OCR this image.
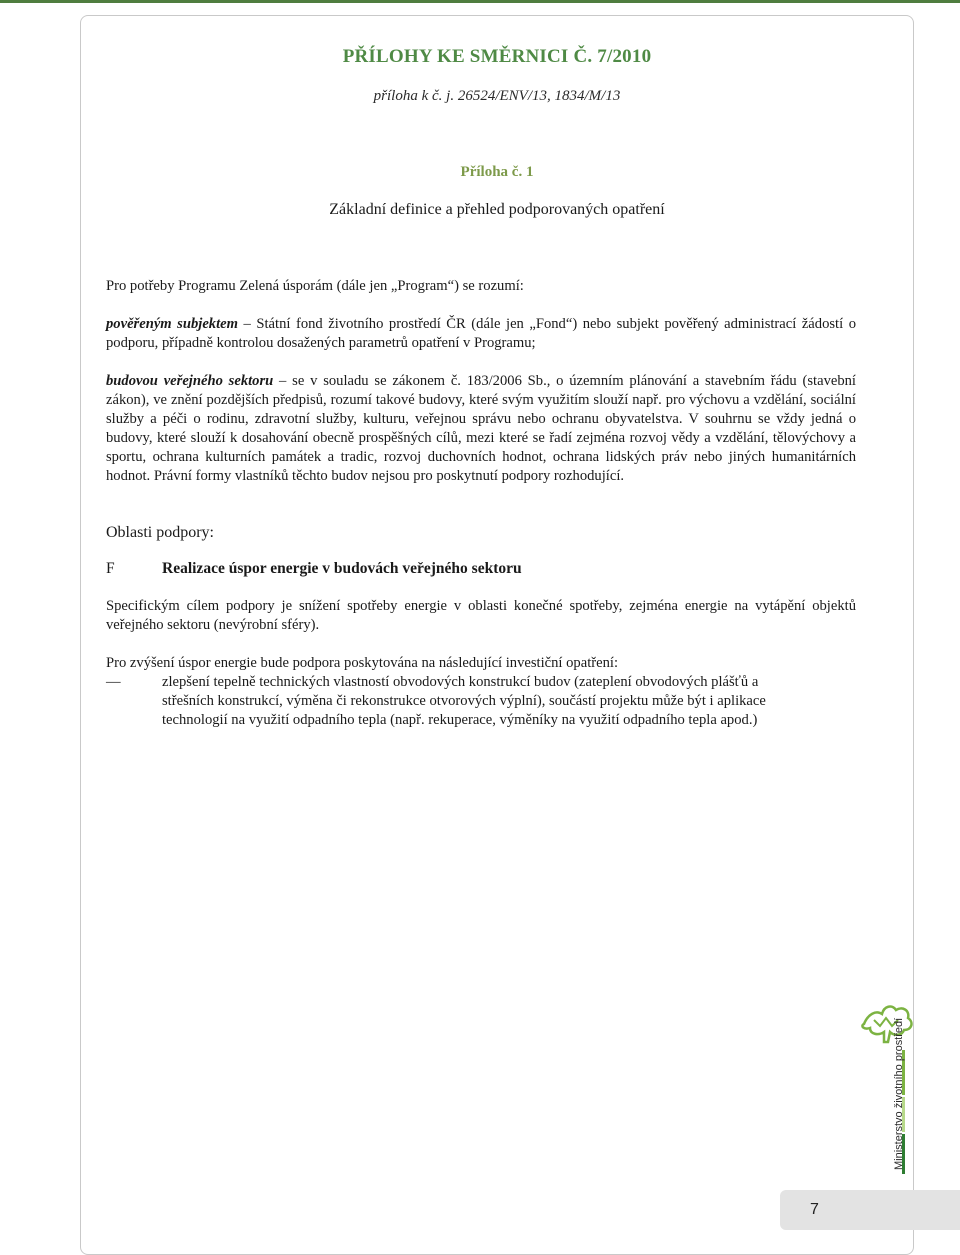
PŘÍLOHY KE SMĚRNICI Č. 7/2010
příloha k č. j. 26524/ENV/13, 1834/M/13
Příloha č. 1
Základní definice a přehled podporovaných opatření
Pro potřeby Programu Zelená úsporám (dále jen „Program“) se rozumí:
pověřeným subjektem – Státní fond životního prostředí ČR (dále jen „Fond“) nebo subjekt pověřený administrací žádostí o podporu, případně kontrolou dosažených parametrů opatření v Programu;
budovou veřejného sektoru – se v souladu se zákonem č. 183/2006 Sb., o územním plánování a stavebním řádu (stavební zákon), ve znění pozdějších předpisů, rozumí takové budovy, které svým využitím slouží např. pro výchovu a vzdělání, sociální služby a péči o rodinu, zdravotní služby, kulturu, veřejnou správu nebo ochranu obyvatelstva. V souhrnu se vždy jedná o budovy, které slouží k dosahování obecně prospěšných cílů, mezi které se řadí zejména rozvoj vědy a vzdělání, tělovýchovy a sportu, ochrana kulturních památek a tradic, rozvoj duchovních hodnot, ochrana lidských práv nebo jiných humanitárních hodnot. Právní formy vlastníků těchto budov nejsou pro poskytnutí podpory rozhodující.
Oblasti podpory:
F	Realizace úspor energie v budovách veřejného sektoru
Specifickým cílem podpory je snížení spotřeby energie v oblasti konečné spotřeby, zejména energie na vytápění objektů veřejného sektoru (nevýrobní sféry).
Pro zvýšení úspor energie bude podpora poskytována na následující investiční opatření:
—	zlepšení tepelně technických vlastností obvodových konstrukcí budov (zateplení obvodových plášťů a střešních konstrukcí, výměna či rekonstrukce otvorových výplní), součástí projektu může být i aplikace technologií na využití odpadního tepla (např. rekuperace, výměníky na využití odpadního tepla apod.)
Ministerstvo životního prostředí
7
